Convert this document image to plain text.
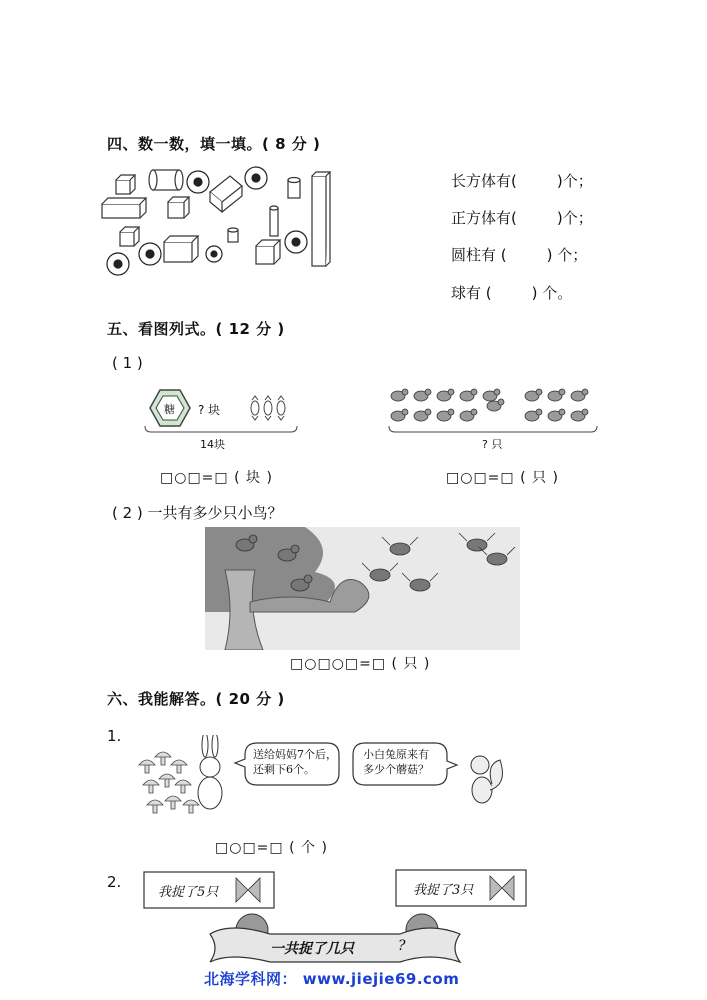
四、数一数，填一填。( 8 分 )
长方体有(	)个；
正方体有(	)个；
圆柱有 (	) 个；
球有 (	) 个。
五、看图列式。( 12 分 )
( 1 )
糖 ? 块
14块	? 只
□○□=□ ( 块 )	□○□=□ ( 只 )
( 2 ) 一共有多少只小鸟？
□○□○□=□ ( 只 )
六、我能解答。( 20 分 )
1.
送给妈妈7个后，
还剩下6个。
小白兔原来有
多少个蘑菇？
□○□=□ ( 个 )
2.
我捉了5只	我捉了3只
一共捉了几只	?
北海学科网： www.jiejie69.com
